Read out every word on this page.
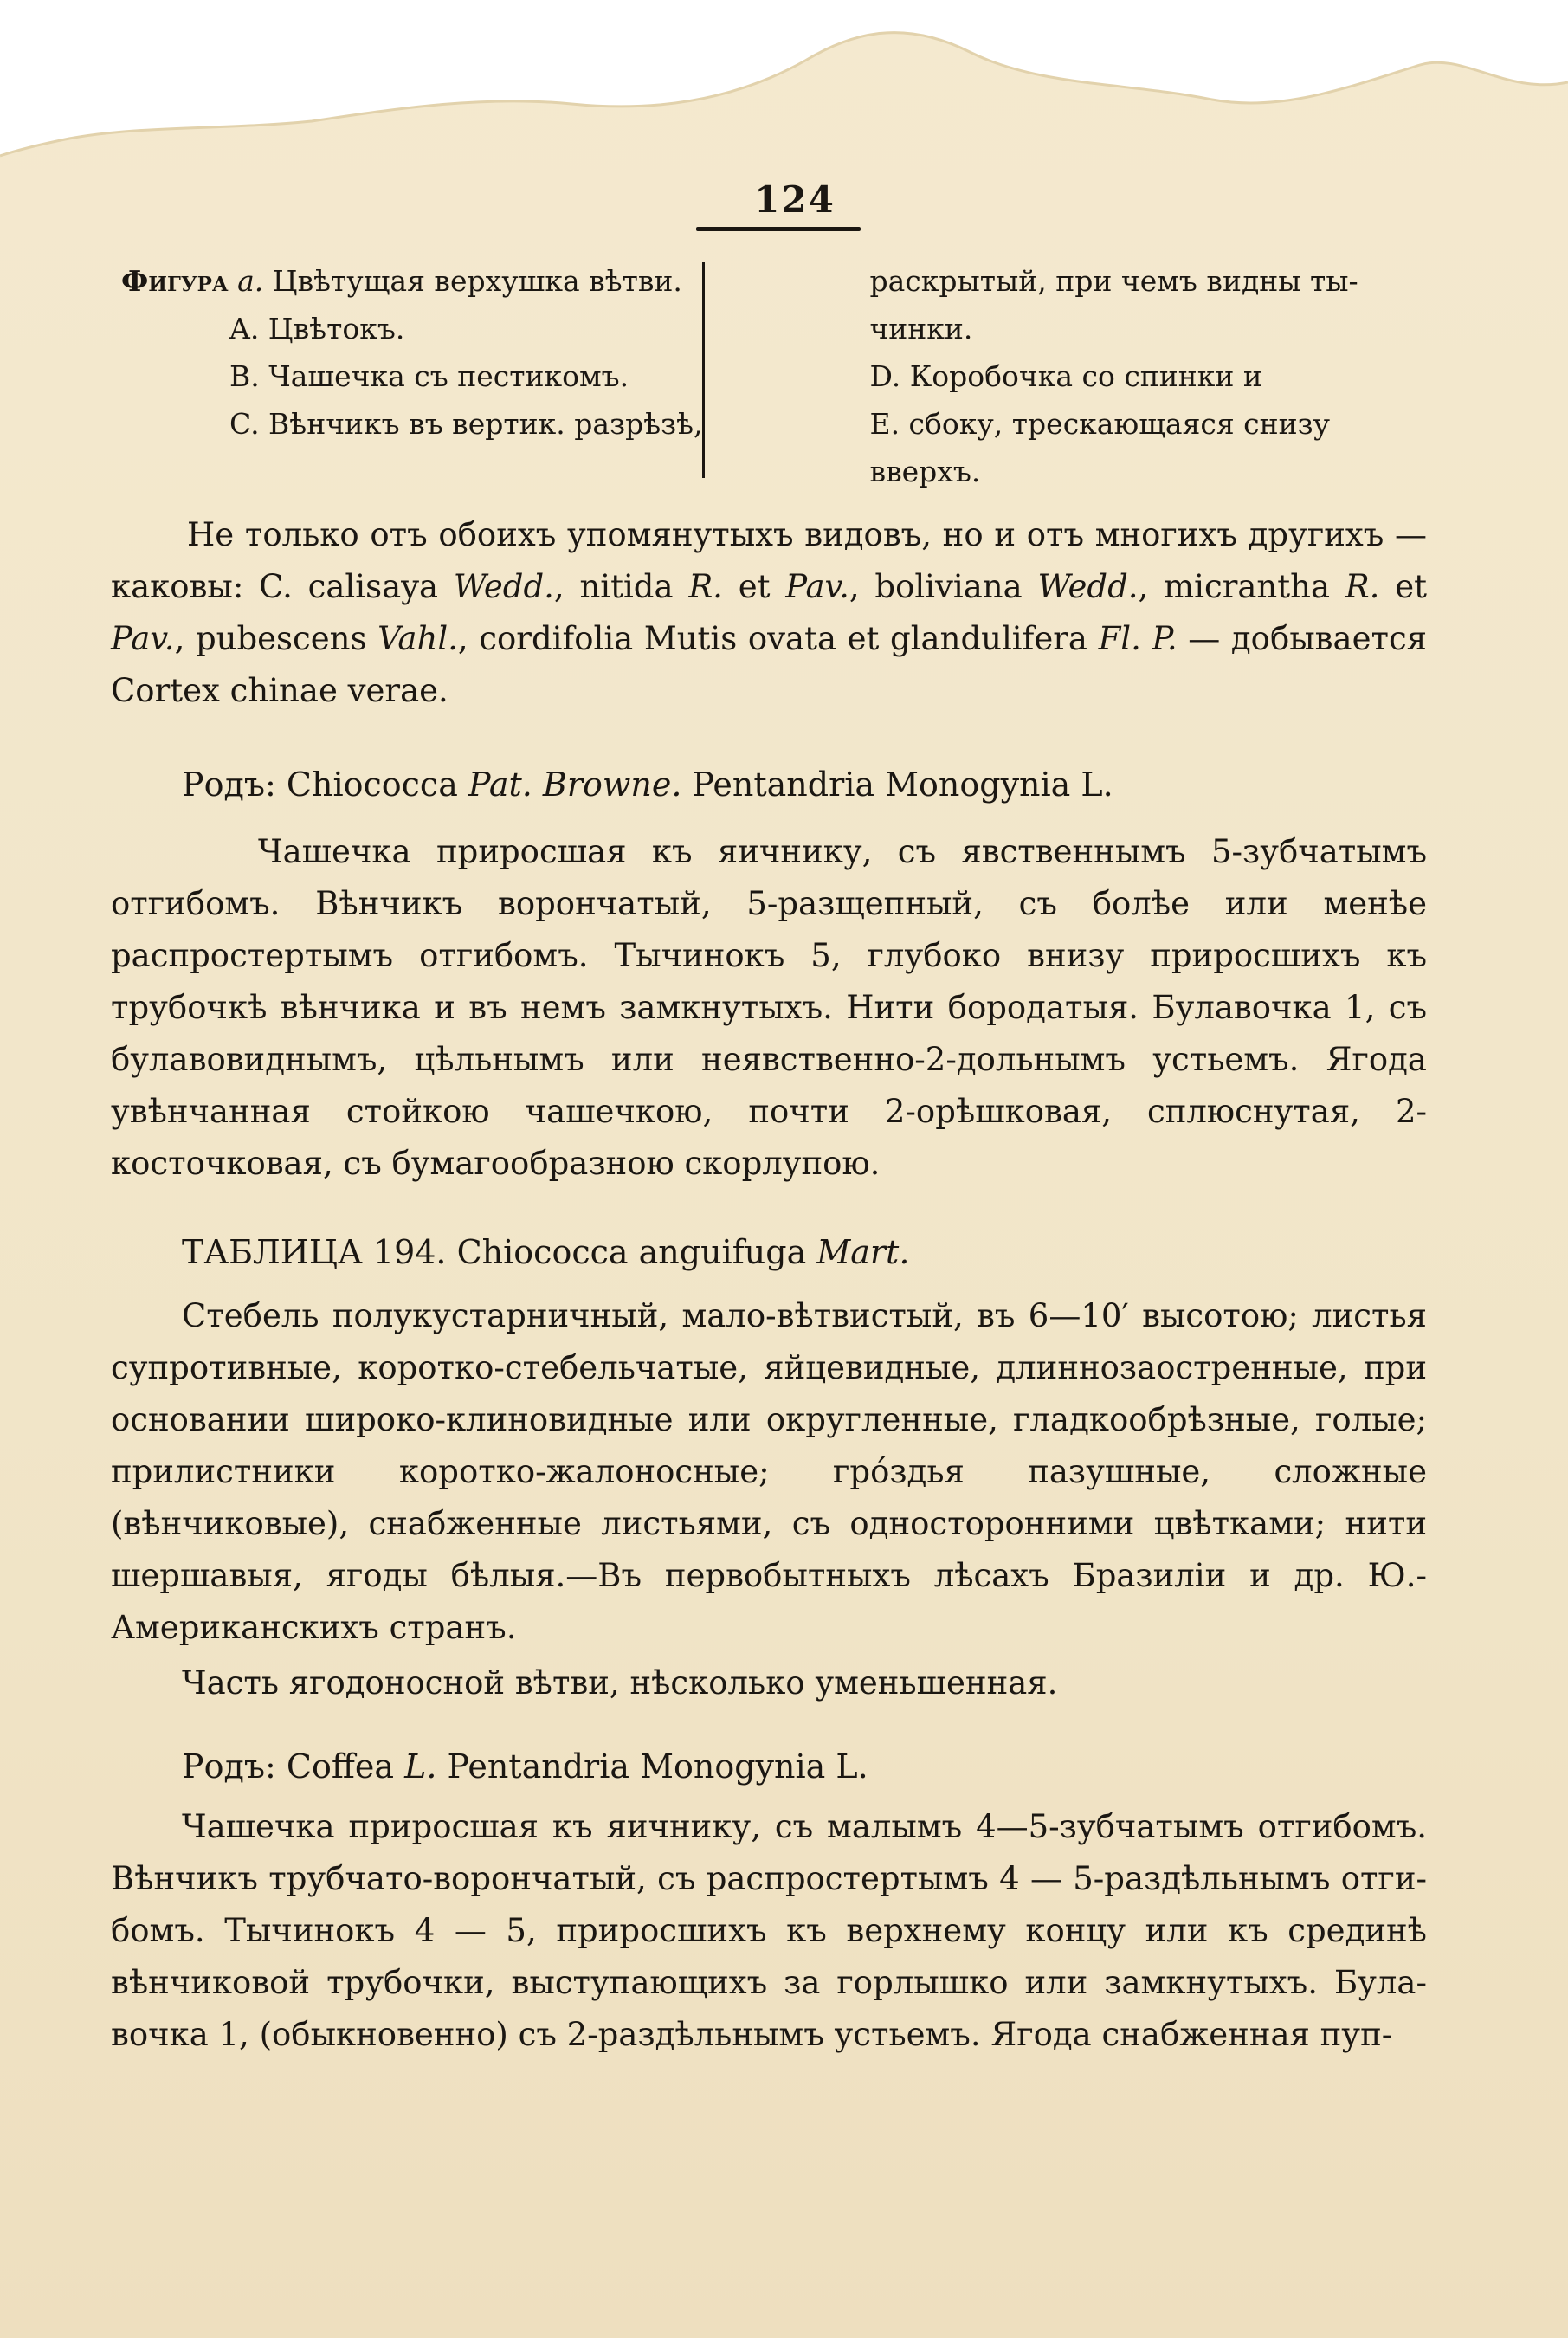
124
Фигура a. Цвѣтущая верхушка вѣтви.
A. Цвѣтокъ.
B. Чашечка съ пестикомъ.
C. Вѣнчикъ въ вертик. разрѣзѣ,
раскрытый, при чемъ видны ты-
чинки.
D. Коробочка со спинки и
E. сбоку, трескающаяся снизу
вверхъ.

Не только отъ обоихъ упомянутыхъ видовъ, но и отъ многихъ другихъ —каковы: C. calisaya Wedd., nitida R. et Pav., boliviana Wedd., micrantha R. et Pav., pubescens Vahl., cordifolia Mutis ovata et glandulifera Fl. P. — добывается Cortex chinae verae.

Родъ: Chiococca Pat. Browne. Pentandria Monogynia L.

Чашечка приросшая къ яичнику, съ явственнымъ 5-зубчатымъ отгибомъ. Вѣнчикъ ворончатый, 5-разщепный, съ болѣе или менѣе распростертымъ отгибомъ. Тычинокъ 5, глубоко внизу приросшихъ къ трубочкѣ вѣнчика и въ немъ замкнутыхъ. Нити бородатыя. Булавочка 1, съ булавовиднымъ, цѣльнымъ или неявственно-2-дольнымъ устьемъ. Ягода увѣнчанная стойкою чашечкою, почти 2-орѣшковая, сплюснутая, 2-косточковая, съ бумагообразною скорлупою.

ТАБЛИЦА 194. Chiococca anguifuga Mart.

Стебель полукустарничный, мало-вѣтвистый, въ 6—10′ высотою; листья супротивные, коротко-стебельчатые, яйцевидные, длиннозаостренные, при основании широко-клиновидные или округленные, гладкообрѣзные, голые; прилистники коротко-жалоносные; грóздья пазушные, сложные (вѣнчиковые), снабженные листьями, съ односторонними цвѣтками; нити шершавыя, ягоды бѣлыя.—Въ первобытныхъ лѣсахъ Бразиліи и др. Ю.-Американскихъ странъ.

Часть ягодоносной вѣтви, нѣсколько уменьшенная.

Родъ: Coffea L. Pentandria Monogynia L.

Чашечка приросшая къ яичнику, съ малымъ 4—5-зубчатымъ отгибомъ. Вѣнчикъ трубчато-ворончатый, съ распростертымъ 4 — 5-раздѣльнымъ отгибомъ. Тычинокъ 4 — 5, приросшихъ къ верхнему концу или къ срединѣ вѣнчиковой трубочки, выступающихъ за горлышко или замкнутыхъ. Булавочка 1, (обыкновенно) съ 2-раздѣльнымъ устьемъ. Ягода снабженная пуп-
